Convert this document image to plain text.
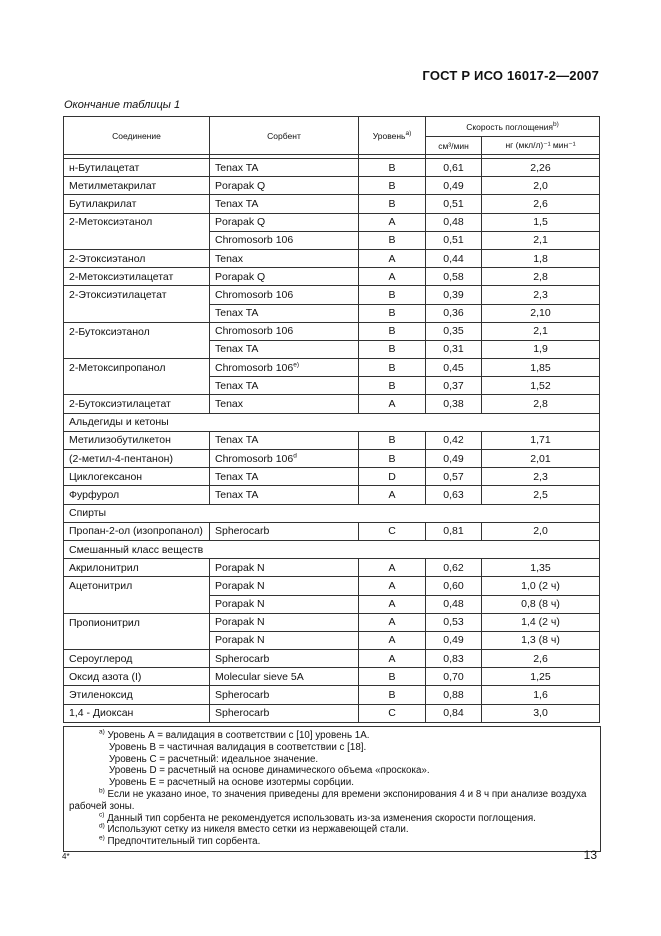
ГОСТ Р ИСО 16017-2—2007
Окончание таблицы 1
Соединение	Сорбент	Уровень$^{a)}$	Скорость поглощения$^{b)}$
			см³/мин	нг (мкл/л)⁻¹ мин⁻¹

н-Бутилацетат	Tenax TA	B	0,61	2,26
Метилметакрилат	Porapak Q	B	0,49	2,0
Бутилакрилат	Tenax TA	B	0,51	2,6
2-Метоксиэтанол	Porapak Q	A	0,48	1,5
	Chromosorb 106	B	0,51	2,1
2-Этоксиэтанол	Tenax	A	0,44	1,8
2-Метоксиэтилацетат	Porapak Q	A	0,58	2,8
2-Этоксиэтилацетат	Chromosorb 106	B	0,39	2,3
	Tenax TA	B	0,36	2,10
2-Бутоксиэтанол	Chromosorb 106	B	0,35	2,1
	Tenax TA	B	0,31	1,9
2-Метоксипропанол	Chromosorb 106$^{e)}$	B	0,45	1,85
	Tenax TA	B	0,37	1,52
2-Бутоксиэтилацетат	Tenax	A	0,38	2,8
Альдегиды и кетоны				
Метилизобутилкетон	Tenax TA	B	0,42	1,71
(2-метил-4-пентанон)	Chromosorb 106$^d$	B	0,49	2,01
Циклогексанон	Tenax TA	D	0,57	2,3
Фурфурол	Tenax TA	A	0,63	2,5
Спирты				
Пропан-2-ол (изопропанол)	Spherocarb	C	0,81	2,0
Смешанный класс веществ				
Акрилонитрил	Porapak N	A	0,62	1,35
Ацетонитрил	Porapak N	A	0,60	1,0 (2 ч)
	Porapak N	A	0,48	0,8 (8 ч)
Пропионитрил	Porapak N	A	0,53	1,4 (2 ч)
	Porapak N	A	0,49	1,3 (8 ч)
Сероуглерод	Spherocarb	A	0,83	2,6
Оксид азота (I)	Molecular sieve 5A	B	0,70	1,25
Этиленоксид	Spherocarb	B	0,88	1,6
1,4 - Диоксан	Spherocarb	C	0,84	3,0
$^{a)}$ Уровень А = валидация в соответствии с [10] уровень 1А.
Уровень В = частичная валидация в соответствии с [18].
Уровень С = расчетный: идеальное значение.
Уровень D = расчетный на основе динамического объема «проскока».
Уровень E = расчетный на основе изотермы сорбции.
$^{b)}$ Если не указано иное, то значения приведены для времени экспонирования 4 и 8 ч при анализе воздуха рабочей зоны.
$^{c)}$ Данный тип сорбента не рекомендуется использовать из-за изменения скорости поглощения.
$^{d)}$ Используют сетку из никеля вместо сетки из нержавеющей стали.
$^{e)}$ Предпочтительный тип сорбента.
4*	13
